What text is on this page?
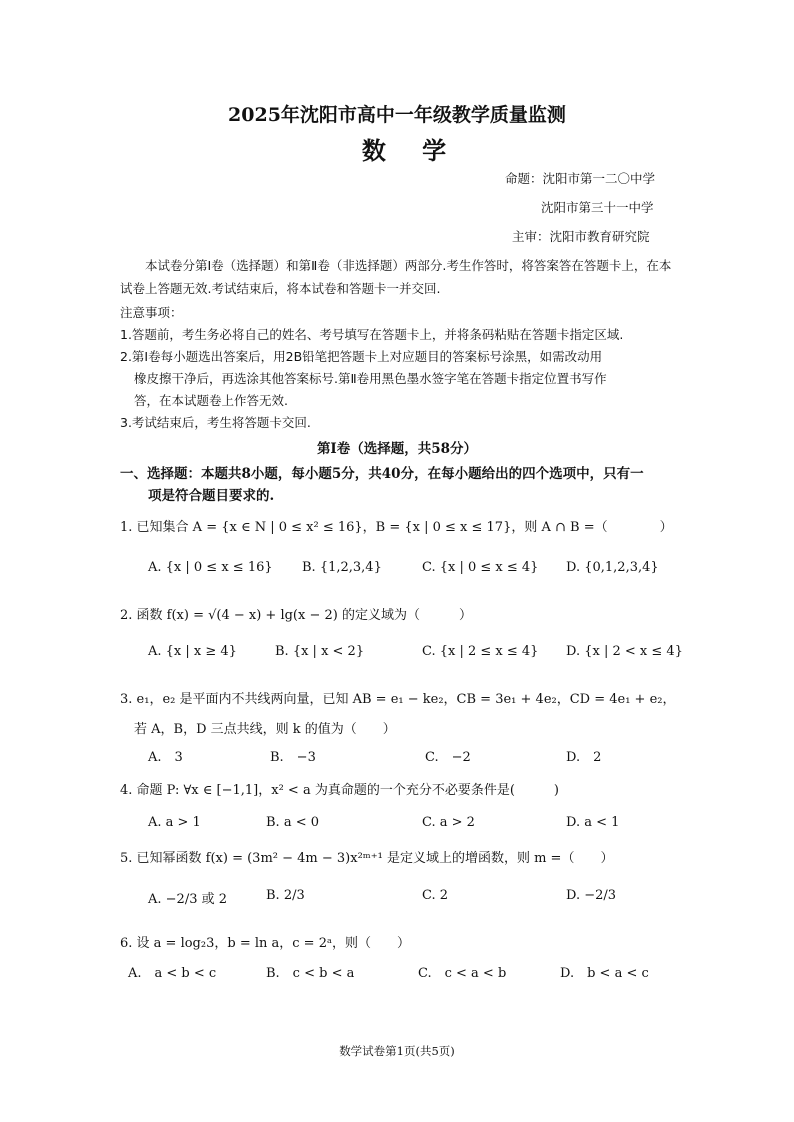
2025年沈阳市高中一年级教学质量监测
数 学
命题：沈阳市第一二〇中学
沈阳市第三十一中学
主审：沈阳市教育研究院
本试卷分第Ⅰ卷（选择题）和第Ⅱ卷（非选择题）两部分.考生作答时，将答案答在答题卡上，在本试卷上答题无效.考试结束后，将本试卷和答题卡一并交回.
注意事项：
1.答题前，考生务必将自己的姓名、考号填写在答题卡上，并将条码粘贴在答题卡指定区域.
2.第Ⅰ卷每小题选出答案后，用2B铅笔把答题卡上对应题目的答案标号涂黑，如需改动用
橡皮擦干净后，再选涂其他答案标号.第Ⅱ卷用黑色墨水签字笔在答题卡指定位置书写作
答，在本试题卷上作答无效.
3.考试结束后，考生将答题卡交回.
第Ⅰ卷（选择题，共58分）
一、选择题：本题共8小题，每小题5分，共40分，在每小题给出的四个选项中，只有一
项是符合题目要求的.
1. 已知集合 A = {x ∈ N | 0 ≤ x² ≤ 16}，B = {x | 0 ≤ x ≤ 17}，则 A ∩ B =（　　　　）
A. {x | 0 ≤ x ≤ 16} B. {1,2,3,4}	C. {x | 0 ≤ x ≤ 4} D. {0,1,2,3,4}
2. 函数 f(x) = √(4 − x) + lg(x − 2) 的定义域为（　　　）
A. {x | x ≥ 4}	B. {x | x < 2}	C. {x | 2 ≤ x ≤ 4} D. {x | 2 < x ≤ 4}
3. e₁，e₂ 是平面内不共线两向量，已知 AB = e₁ − ke₂，CB = 3e₁ + 4e₂，CD = 4e₁ + e₂，
若 A，B，D 三点共线，则 k 的值为（　　）
A.　3	B.　−3	C.　−2	D.　2
4. 命题 P: ∀x ∈ [−1,1]，x² < a 为真命题的一个充分不必要条件是(　　　)
A. a > 1	B. a < 0	C. a > 2	D. a < 1
5. 已知幂函数 f(x) = (3m² − 4m − 3)x²ᵐ⁺¹ 是定义域上的增函数，则 m =（　　）
A. −2/3 或 2	B. 2/3	C. 2	D. −2/3
6. 设 a = log₂3，b = ln a，c = 2ᵃ，则（　　）
A.　a < b < c	B.　c < b < a	C.　c < a < b	D.　b < a < c
数学试卷第1页(共5页)
